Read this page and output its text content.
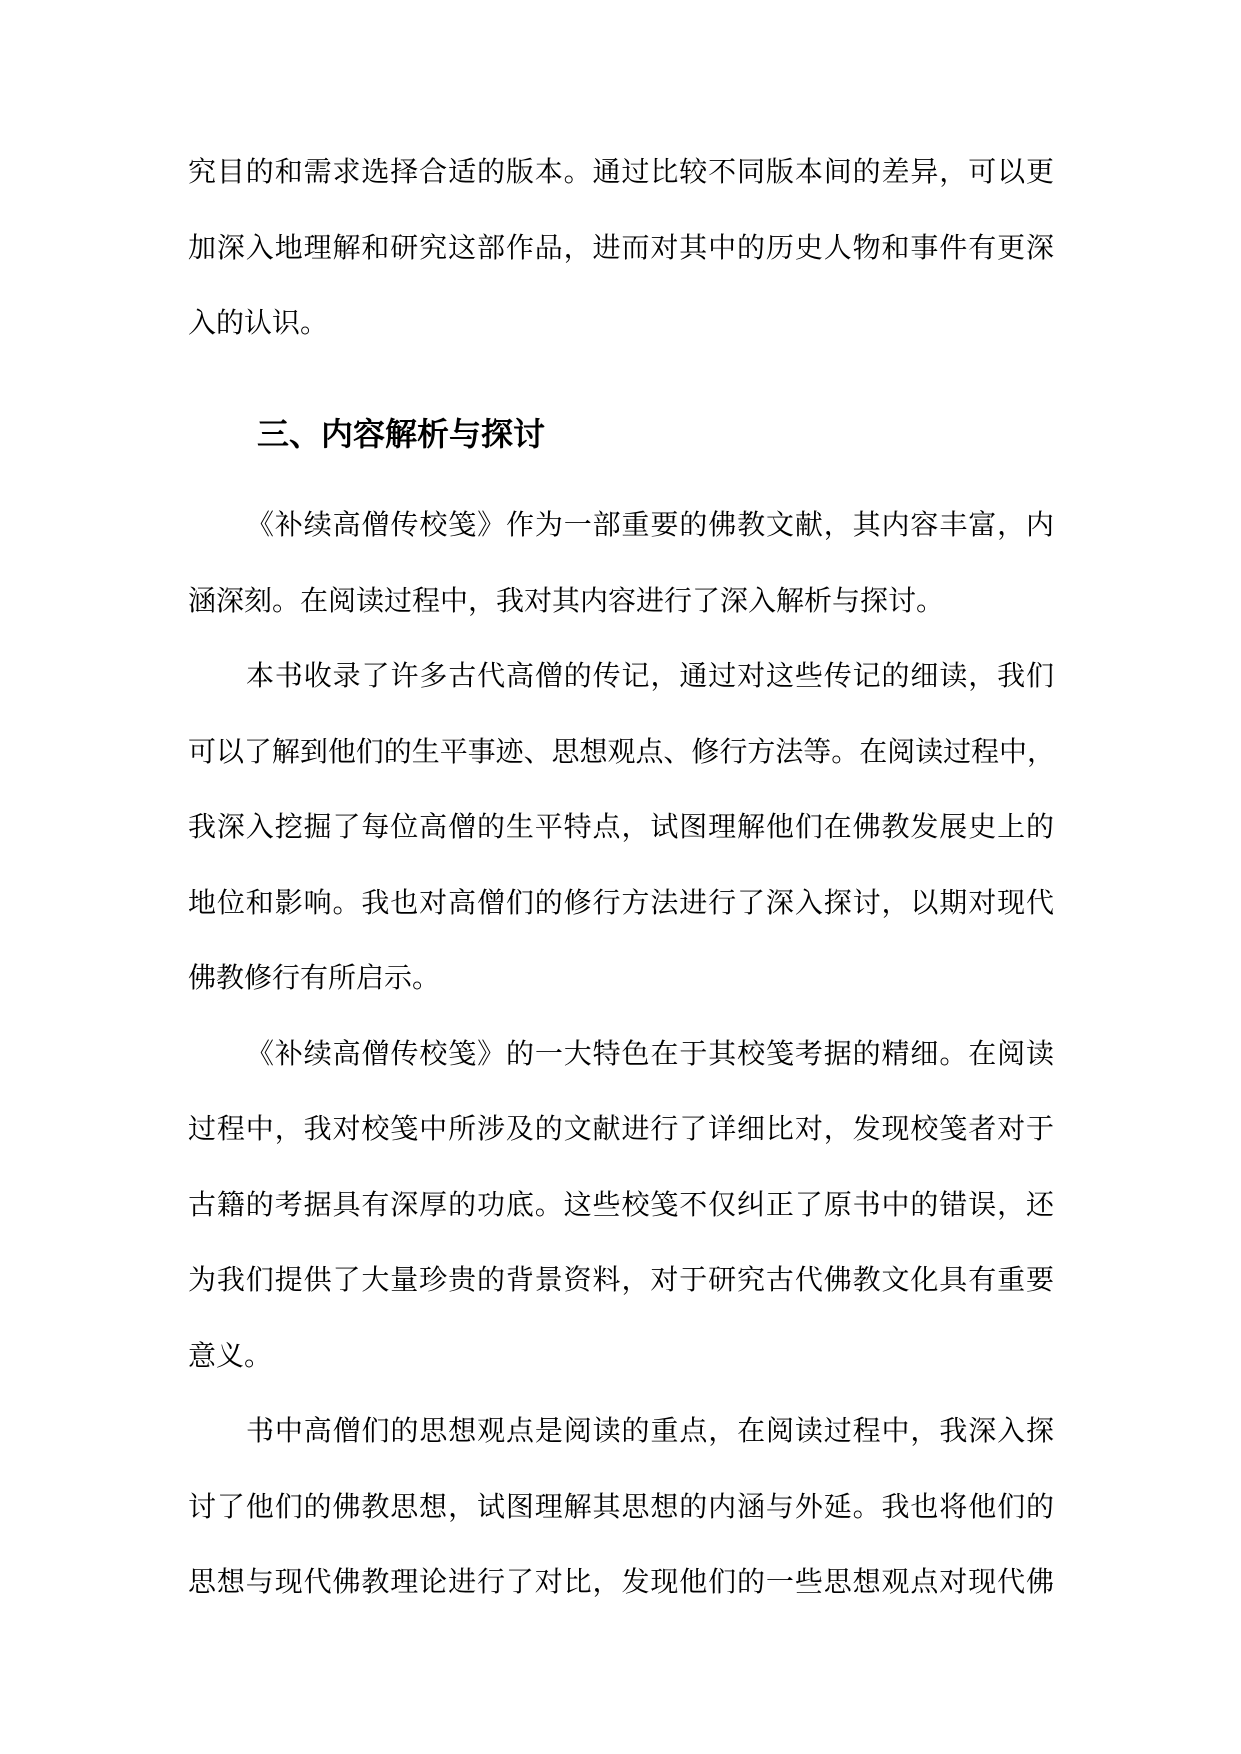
究目的和需求选择合适的版本。通过比较不同版本间的差异，可以更
加深入地理解和研究这部作品，进而对其中的历史人物和事件有更深
入的认识。
三、内容解析与探讨
《补续高僧传校笺》作为一部重要的佛教文献，其内容丰富，内
涵深刻。在阅读过程中，我对其内容进行了深入解析与探讨。
本书收录了许多古代高僧的传记，通过对这些传记的细读，我们
可以了解到他们的生平事迹、思想观点、修行方法等。在阅读过程中，
我深入挖掘了每位高僧的生平特点，试图理解他们在佛教发展史上的
地位和影响。我也对高僧们的修行方法进行了深入探讨，以期对现代
佛教修行有所启示。
《补续高僧传校笺》的一大特色在于其校笺考据的精细。在阅读
过程中，我对校笺中所涉及的文献进行了详细比对，发现校笺者对于
古籍的考据具有深厚的功底。这些校笺不仅纠正了原书中的错误，还
为我们提供了大量珍贵的背景资料，对于研究古代佛教文化具有重要
意义。
书中高僧们的思想观点是阅读的重点，在阅读过程中，我深入探
讨了他们的佛教思想，试图理解其思想的内涵与外延。我也将他们的
思想与现代佛教理论进行了对比，发现他们的一些思想观点对现代佛
